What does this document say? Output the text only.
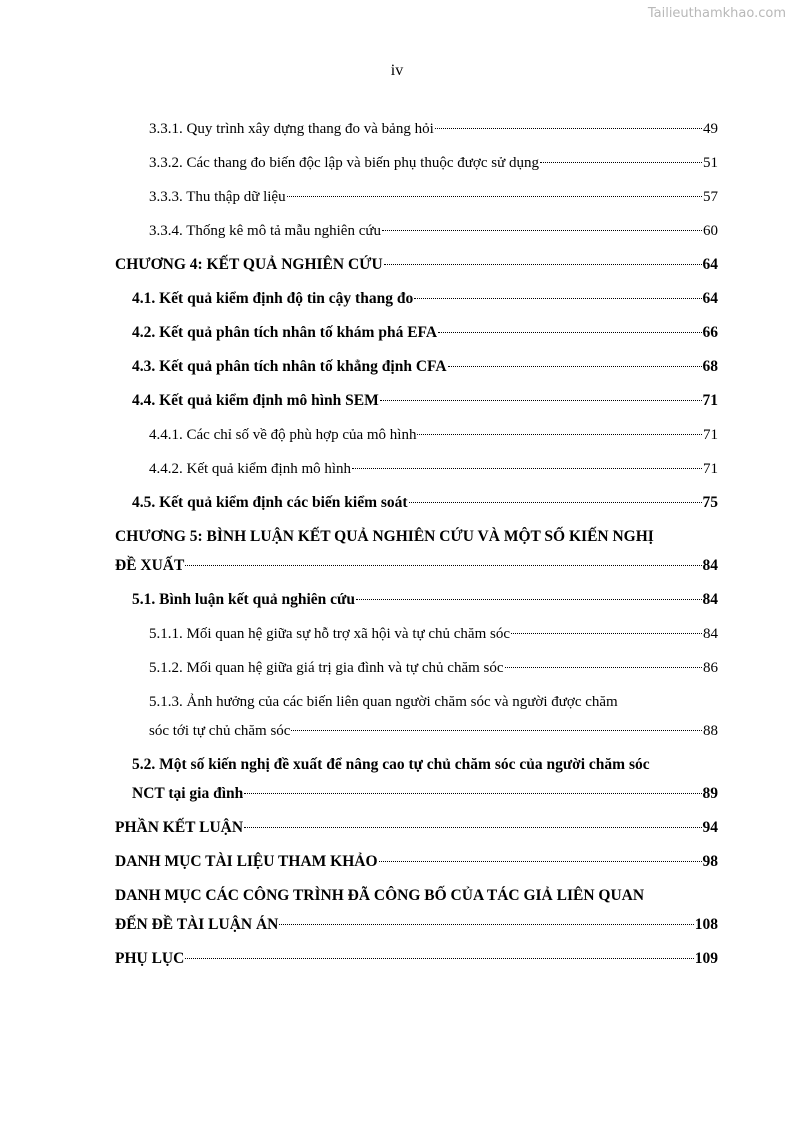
Tailieuthamkhao.com
iv
3.3.1. Quy trình xây dựng thang đo và bảng hỏi	49
3.3.2. Các thang đo biến độc lập và biến phụ thuộc được sử dụng	51
3.3.3. Thu thập dữ liệu	57
3.3.4. Thống kê mô tả mẫu nghiên cứu	60
CHƯƠNG 4: KẾT QUẢ NGHIÊN CỨU	64
4.1. Kết quả kiểm định độ tin cậy thang đo	64
4.2. Kết quả phân tích nhân tố khám phá EFA	66
4.3. Kết quả phân tích nhân tố khẳng định CFA	68
4.4. Kết quả kiểm định mô hình SEM	71
4.4.1. Các chỉ số về độ phù hợp của mô hình	71
4.4.2. Kết quả kiểm định mô hình	71
4.5. Kết quả kiểm định các biến kiểm soát	75
CHƯƠNG 5: BÌNH LUẬN KẾT QUẢ NGHIÊN CỨU VÀ MỘT SỐ KIẾN NGHỊ
ĐỀ XUẤT	84
5.1. Bình luận kết quả nghiên cứu	84
5.1.1. Mối quan hệ giữa sự hỗ trợ xã hội và tự chủ chăm sóc	84
5.1.2. Mối quan hệ giữa giá trị gia đình và tự chủ chăm sóc	86
5.1.3. Ảnh hưởng của các biến liên quan người chăm sóc và người được chăm
sóc tới tự chủ chăm sóc	88
5.2. Một số kiến nghị đề xuất để nâng cao tự chủ chăm sóc của người chăm sóc
NCT tại gia đình	89
PHẦN KẾT LUẬN	94
DANH MỤC TÀI LIỆU THAM KHẢO	98
DANH MỤC CÁC CÔNG TRÌNH ĐÃ CÔNG BỐ CỦA TÁC GIẢ LIÊN QUAN
ĐẾN ĐỀ TÀI LUẬN ÁN	108
PHỤ LỤC	109
